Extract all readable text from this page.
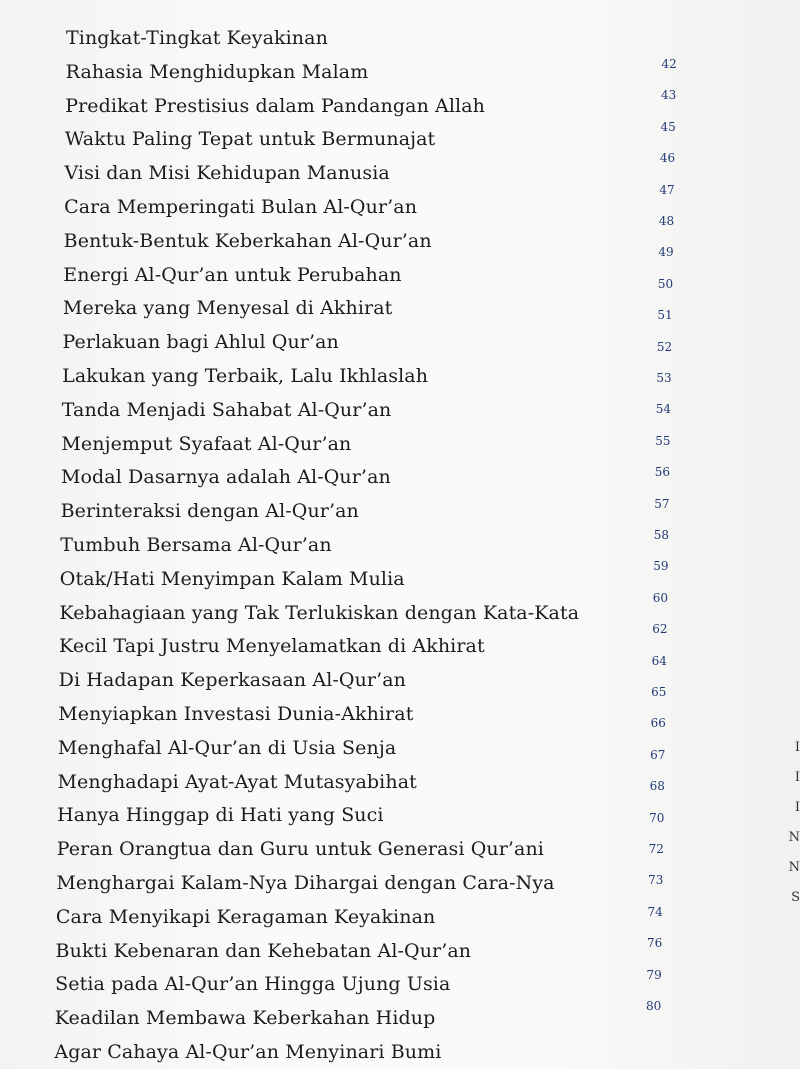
Tingkat-Tingkat Keyakinan
Rahasia Menghidupkan Malam	42
Predikat Prestisius dalam Pandangan Allah	43
Waktu Paling Tepat untuk Bermunajat
45
Visi dan Misi Kehidupan Manusia
46
Cara Memperingati Bulan Al-Qur’an
47
Bentuk-Bentuk Keberkahan Al-Qur’an
48
Energi Al-Qur’an untuk Perubahan
49
Mereka yang Menyesal di Akhirat
50
Perlakuan bagi Ahlul Qur’an
51
Lakukan yang Terbaik, Lalu Ikhlaslah
52
Tanda Menjadi Sahabat Al-Qur’an
53
Menjemput Syafaat Al-Qur’an
54
Modal Dasarnya adalah Al-Qur’an
55
Berinteraksi dengan Al-Qur’an
56
Tumbuh Bersama Al-Qur’an
57
Otak/Hati Menyimpan Kalam Mulia
58
Kebahagiaan yang Tak Terlukiskan dengan Kata-Kata
59
Kecil Tapi Justru Menyelamatkan di Akhirat
60
Di Hadapan Keperkasaan Al-Qur’an
62
Menyiapkan Investasi Dunia-Akhirat
64
Menghafal Al-Qur’an di Usia Senja
65
Menghadapi Ayat-Ayat Mutasyabihat
66
Hanya Hinggap di Hati yang Suci
67
Peran Orangtua dan Guru untuk Generasi Qur’ani
68
Menghargai Kalam-Nya Dihargai dengan Cara-Nya
70
Cara Menyikapi Keragaman Keyakinan
72
Bukti Kebenaran dan Kehebatan Al-Qur’an
73
Setia pada Al-Qur’an Hingga Ujung Usia
74
Keadilan Membawa Keberkahan Hidup
76
Agar Cahaya Al-Qur’an Menyinari Bumi
79
80
I
I
I
N
N
S
